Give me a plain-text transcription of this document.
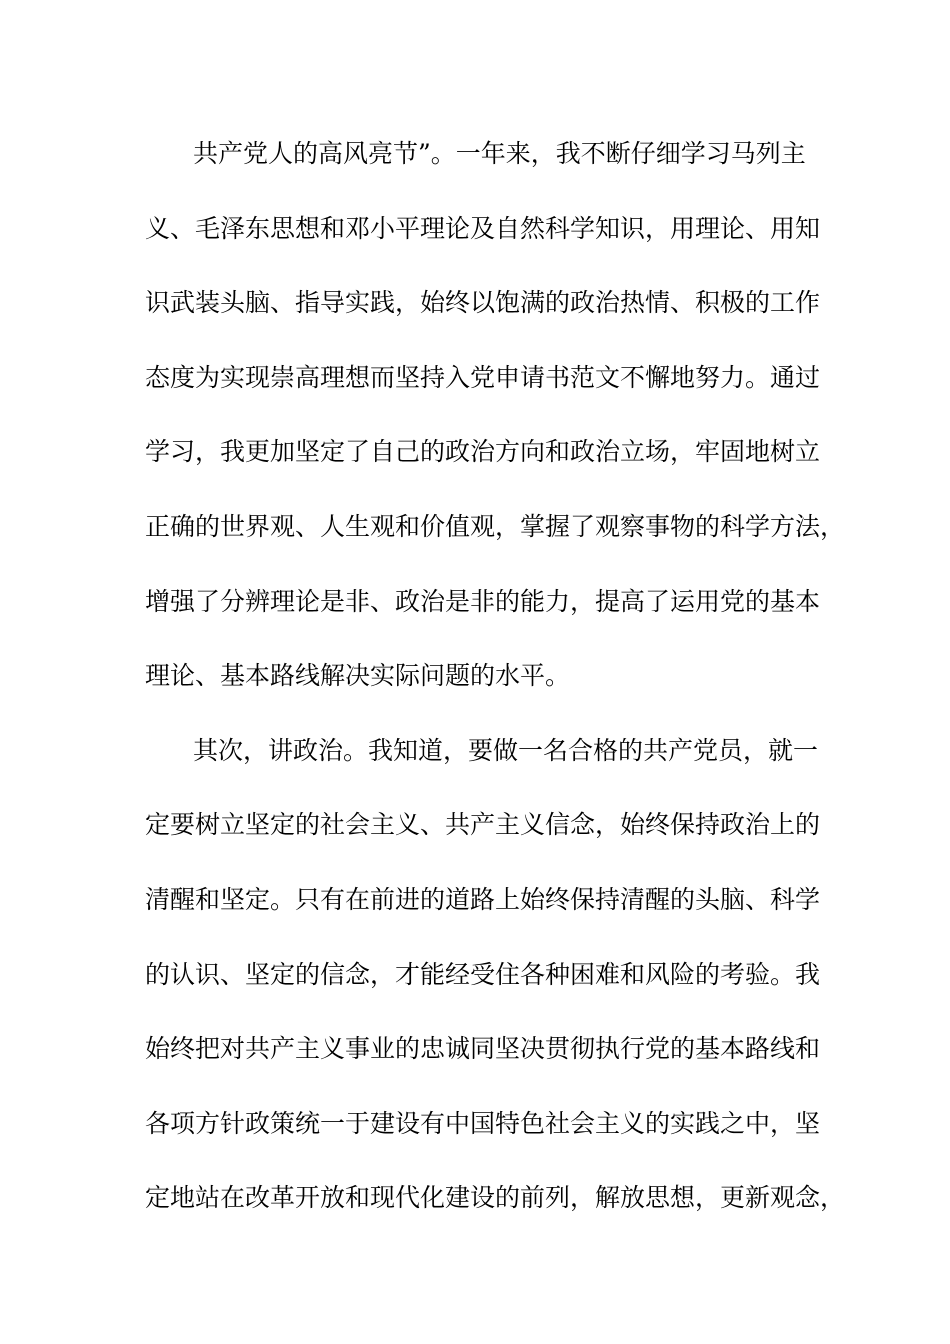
共产党人的高风亮节”。一年来，我不断仔细学习马列主
义、毛泽东思想和邓小平理论及自然科学知识，用理论、用知
识武装头脑、指导实践，始终以饱满的政治热情、积极的工作
态度为实现崇高理想而坚持入党申请书范文不懈地努力。通过
学习，我更加坚定了自己的政治方向和政治立场，牢固地树立
正确的世界观、人生观和价值观，掌握了观察事物的科学方法，
增强了分辨理论是非、政治是非的能力，提高了运用党的基本
理论、基本路线解决实际问题的水平。
其次，讲政治。我知道，要做一名合格的共产党员，就一
定要树立坚定的社会主义、共产主义信念，始终保持政治上的
清醒和坚定。只有在前进的道路上始终保持清醒的头脑、科学
的认识、坚定的信念，才能经受住各种困难和风险的考验。我
始终把对共产主义事业的忠诚同坚决贯彻执行党的基本路线和
各项方针政策统一于建设有中国特色社会主义的实践之中，坚
定地站在改革开放和现代化建设的前列，解放思想，更新观念，
